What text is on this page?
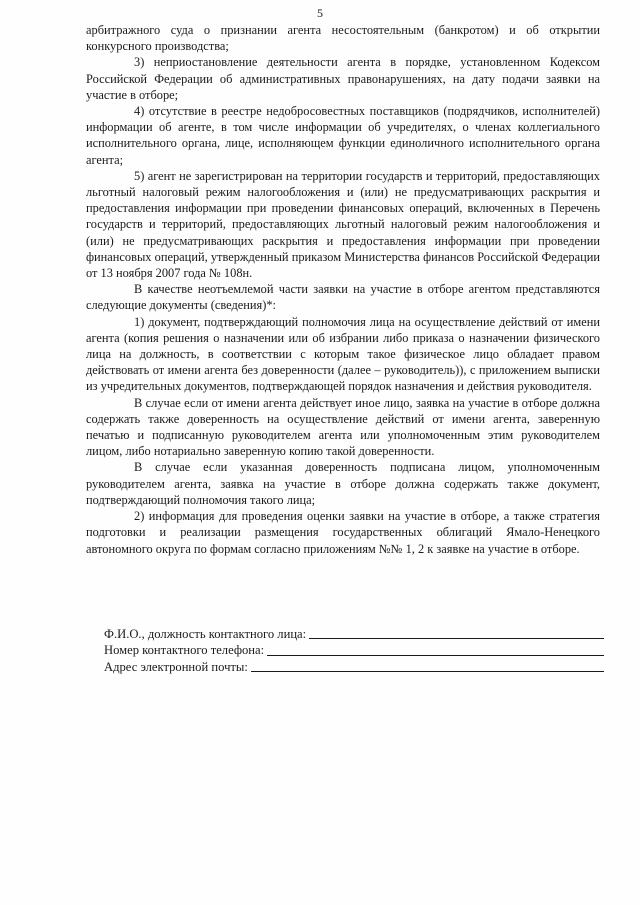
5

арбитражного суда о признании агента несостоятельным (банкротом) и об открытии конкурсного производства;

3) неприостановление деятельности агента в порядке, установленном Кодексом Российской Федерации об административных правонарушениях, на дату подачи заявки на участие в отборе;

4) отсутствие в реестре недобросовестных поставщиков (подрядчиков, исполнителей) информации об агенте, в том числе информации об учредителях, о членах коллегиального исполнительного органа, лице, исполняющем функции единоличного исполнительного органа агента;

5) агент не зарегистрирован на территории государств и территорий, предоставляющих льготный налоговый режим налогообложения и (или) не предусматривающих раскрытия и предоставления информации при проведении финансовых операций, включенных в Перечень государств и территорий, предоставляющих льготный налоговый режим налогообложения и (или) не предусматривающих раскрытия и предоставления информации при проведении финансовых операций, утвержденный приказом Министерства финансов Российской Федерации от 13 ноября 2007 года № 108н.

В качестве неотъемлемой части заявки на участие в отборе агентом представляются следующие документы (сведения)*:

1) документ, подтверждающий полномочия лица на осуществление действий от имени агента (копия решения о назначении или об избрании либо приказа о назначении физического лица на должность, в соответствии с которым такое физическое лицо обладает правом действовать от имени агента без доверенности (далее – руководитель)), с приложением выписки из учредительных документов, подтверждающей порядок назначения и действия руководителя.

В случае если от имени агента действует иное лицо, заявка на участие в отборе должна содержать также доверенность на осуществление действий от имени агента, заверенную печатью и подписанную руководителем агента или уполномоченным этим руководителем лицом, либо нотариально заверенную копию такой доверенности.

В случае если указанная доверенность подписана лицом, уполномоченным руководителем агента, заявка на участие в отборе должна содержать также документ, подтверждающий полномочия такого лица;

2) информация для проведения оценки заявки на участие в отборе, а также стратегия подготовки и реализации размещения государственных облигаций Ямало-Ненецкого автономного округа по формам согласно приложениям №№ 1, 2 к заявке на участие в отборе.

Ф.И.О., должность контактного лица:
Номер контактного телефона:
Адрес электронной почты:
